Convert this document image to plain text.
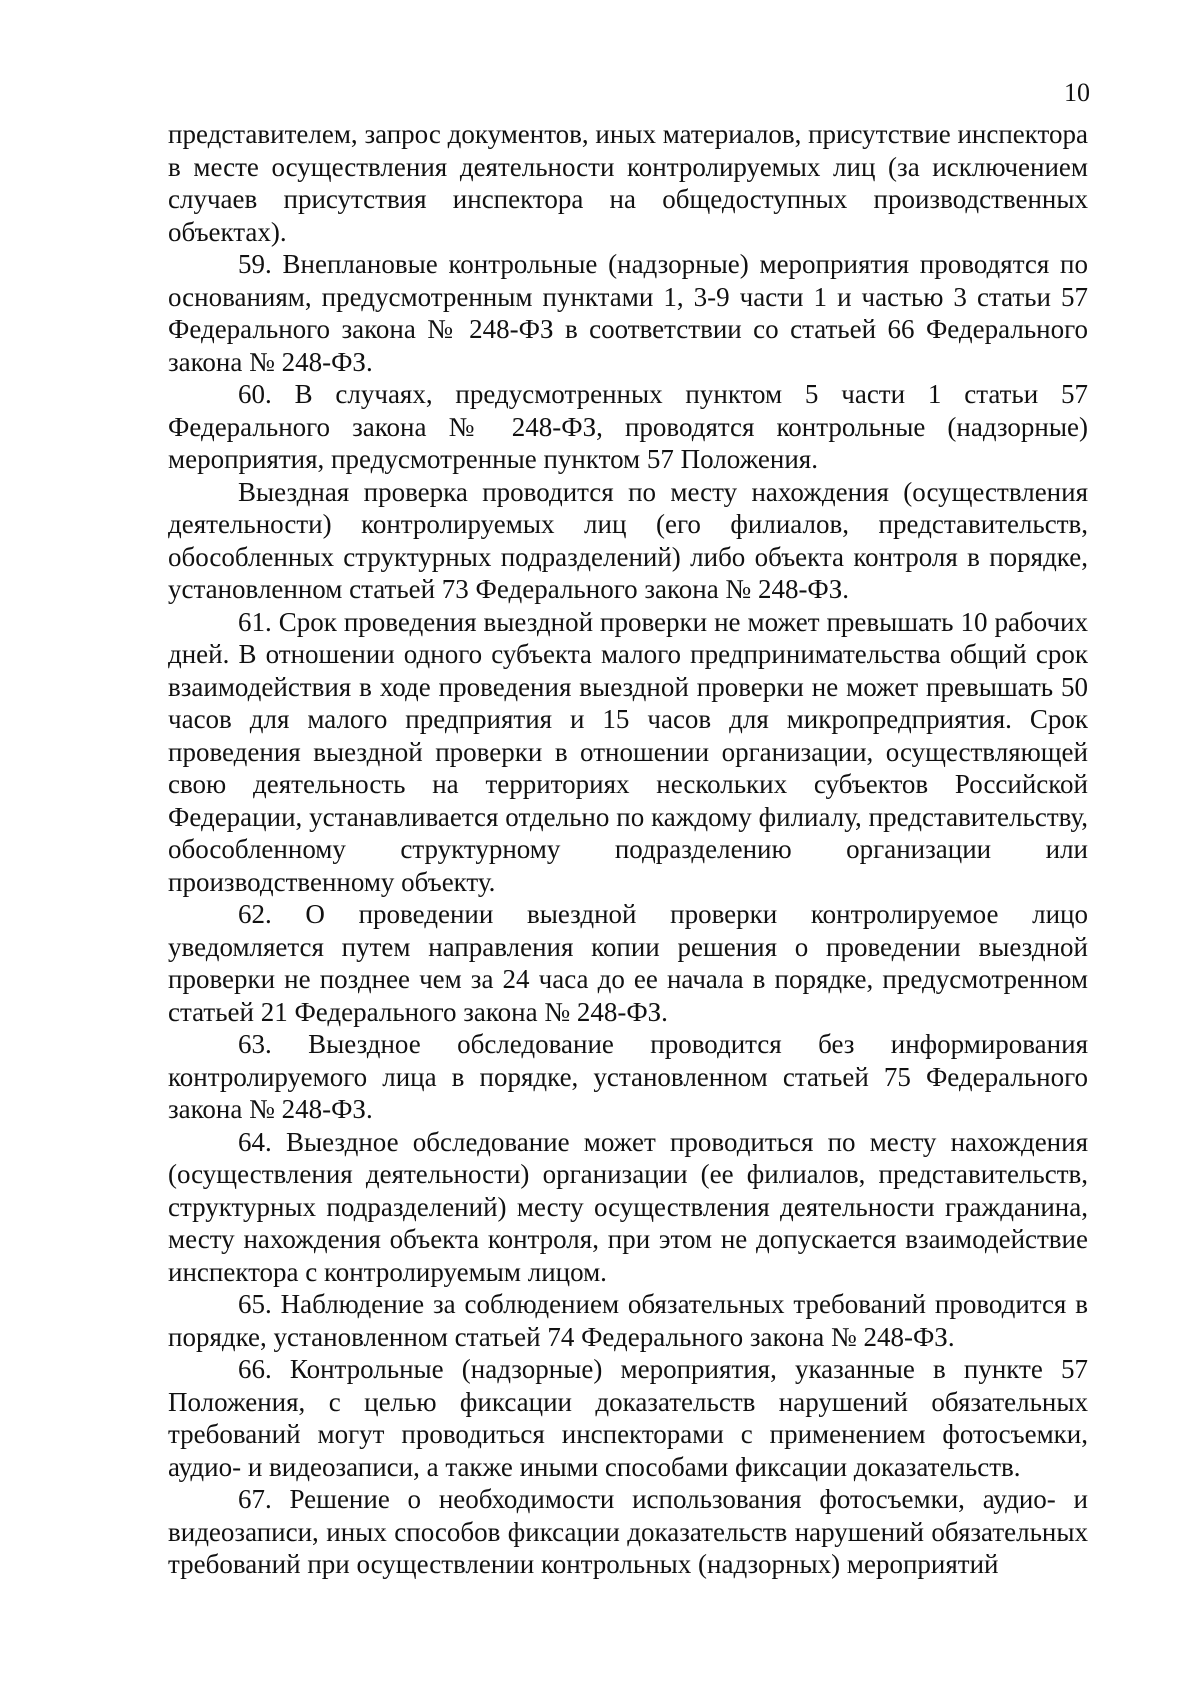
10

представителем, запрос документов, иных материалов, присутствие инспектора в месте осуществления деятельности контролируемых лиц (за исключением случаев присутствия инспектора на общедоступных производственных объектах).

59. Внеплановые контрольные (надзорные) мероприятия проводятся по основаниям, предусмотренным пунктами 1, 3-9 части 1 и частью 3 статьи 57 Федерального закона № 248-ФЗ в соответствии со статьей 66 Федерального закона № 248-ФЗ.

60. В случаях, предусмотренных пунктом 5 части 1 статьи 57 Федерального закона № 248-ФЗ, проводятся контрольные (надзорные) мероприятия, предусмотренные пунктом 57 Положения.

Выездная проверка проводится по месту нахождения (осуществления деятельности) контролируемых лиц (его филиалов, представительств, обособленных структурных подразделений) либо объекта контроля в порядке, установленном статьей 73 Федерального закона № 248-ФЗ.

61. Срок проведения выездной проверки не может превышать 10 рабочих дней. В отношении одного субъекта малого предпринимательства общий срок взаимодействия в ходе проведения выездной проверки не может превышать 50 часов для малого предприятия и 15 часов для микропредприятия. Срок проведения выездной проверки в отношении организации, осуществляющей свою деятельность на территориях нескольких субъектов Российской Федерации, устанавливается отдельно по каждому филиалу, представительству, обособленному структурному подразделению организации или производственному объекту.

62. О проведении выездной проверки контролируемое лицо уведомляется путем направления копии решения о проведении выездной проверки не позднее чем за 24 часа до ее начала в порядке, предусмотренном статьей 21 Федерального закона № 248-ФЗ.

63. Выездное обследование проводится без информирования контролируемого лица в порядке, установленном статьей 75 Федерального закона № 248-ФЗ.

64. Выездное обследование может проводиться по месту нахождения (осуществления деятельности) организации (ее филиалов, представительств, структурных подразделений) месту осуществления деятельности гражданина, месту нахождения объекта контроля, при этом не допускается взаимодействие инспектора с контролируемым лицом.

65. Наблюдение за соблюдением обязательных требований проводится в порядке, установленном статьей 74 Федерального закона № 248-ФЗ.

66. Контрольные (надзорные) мероприятия, указанные в пункте 57 Положения, с целью фиксации доказательств нарушений обязательных требований могут проводиться инспекторами с применением фотосъемки, аудио- и видеозаписи, а также иными способами фиксации доказательств.

67. Решение о необходимости использования фотосъемки, аудио- и видеозаписи, иных способов фиксации доказательств нарушений обязательных требований при осуществлении контрольных (надзорных) мероприятий
